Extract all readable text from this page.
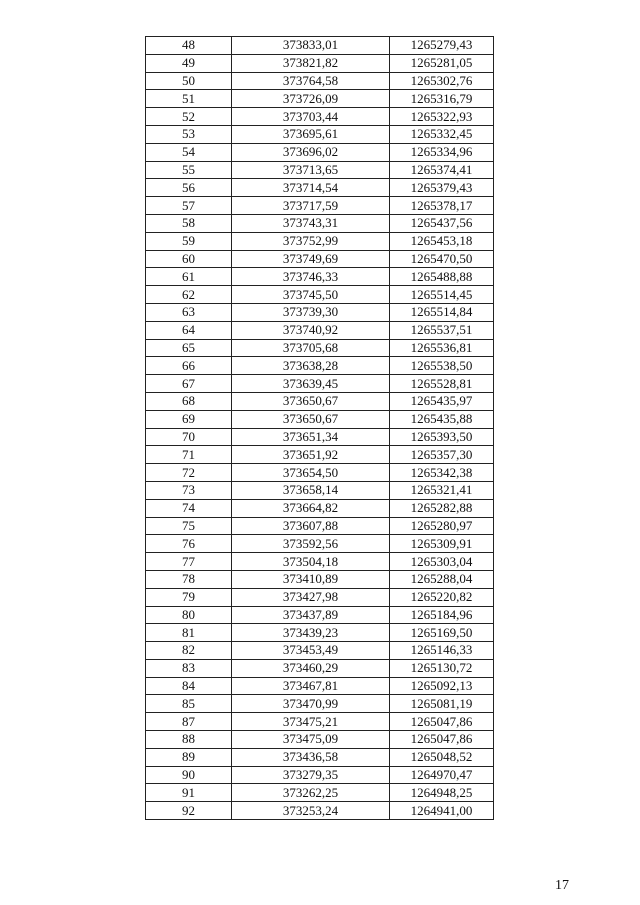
48	373833,01	1265279,43
49	373821,82	1265281,05
50	373764,58	1265302,76
51	373726,09	1265316,79
52	373703,44	1265322,93
53	373695,61	1265332,45
54	373696,02	1265334,96
55	373713,65	1265374,41
56	373714,54	1265379,43
57	373717,59	1265378,17
58	373743,31	1265437,56
59	373752,99	1265453,18
60	373749,69	1265470,50
61	373746,33	1265488,88
62	373745,50	1265514,45
63	373739,30	1265514,84
64	373740,92	1265537,51
65	373705,68	1265536,81
66	373638,28	1265538,50
67	373639,45	1265528,81
68	373650,67	1265435,97
69	373650,67	1265435,88
70	373651,34	1265393,50
71	373651,92	1265357,30
72	373654,50	1265342,38
73	373658,14	1265321,41
74	373664,82	1265282,88
75	373607,88	1265280,97
76	373592,56	1265309,91
77	373504,18	1265303,04
78	373410,89	1265288,04
79	373427,98	1265220,82
80	373437,89	1265184,96
81	373439,23	1265169,50
82	373453,49	1265146,33
83	373460,29	1265130,72
84	373467,81	1265092,13
85	373470,99	1265081,19
87	373475,21	1265047,86
88	373475,09	1265047,86
89	373436,58	1265048,52
90	373279,35	1264970,47
91	373262,25	1264948,25
92	373253,24	1264941,00
17
